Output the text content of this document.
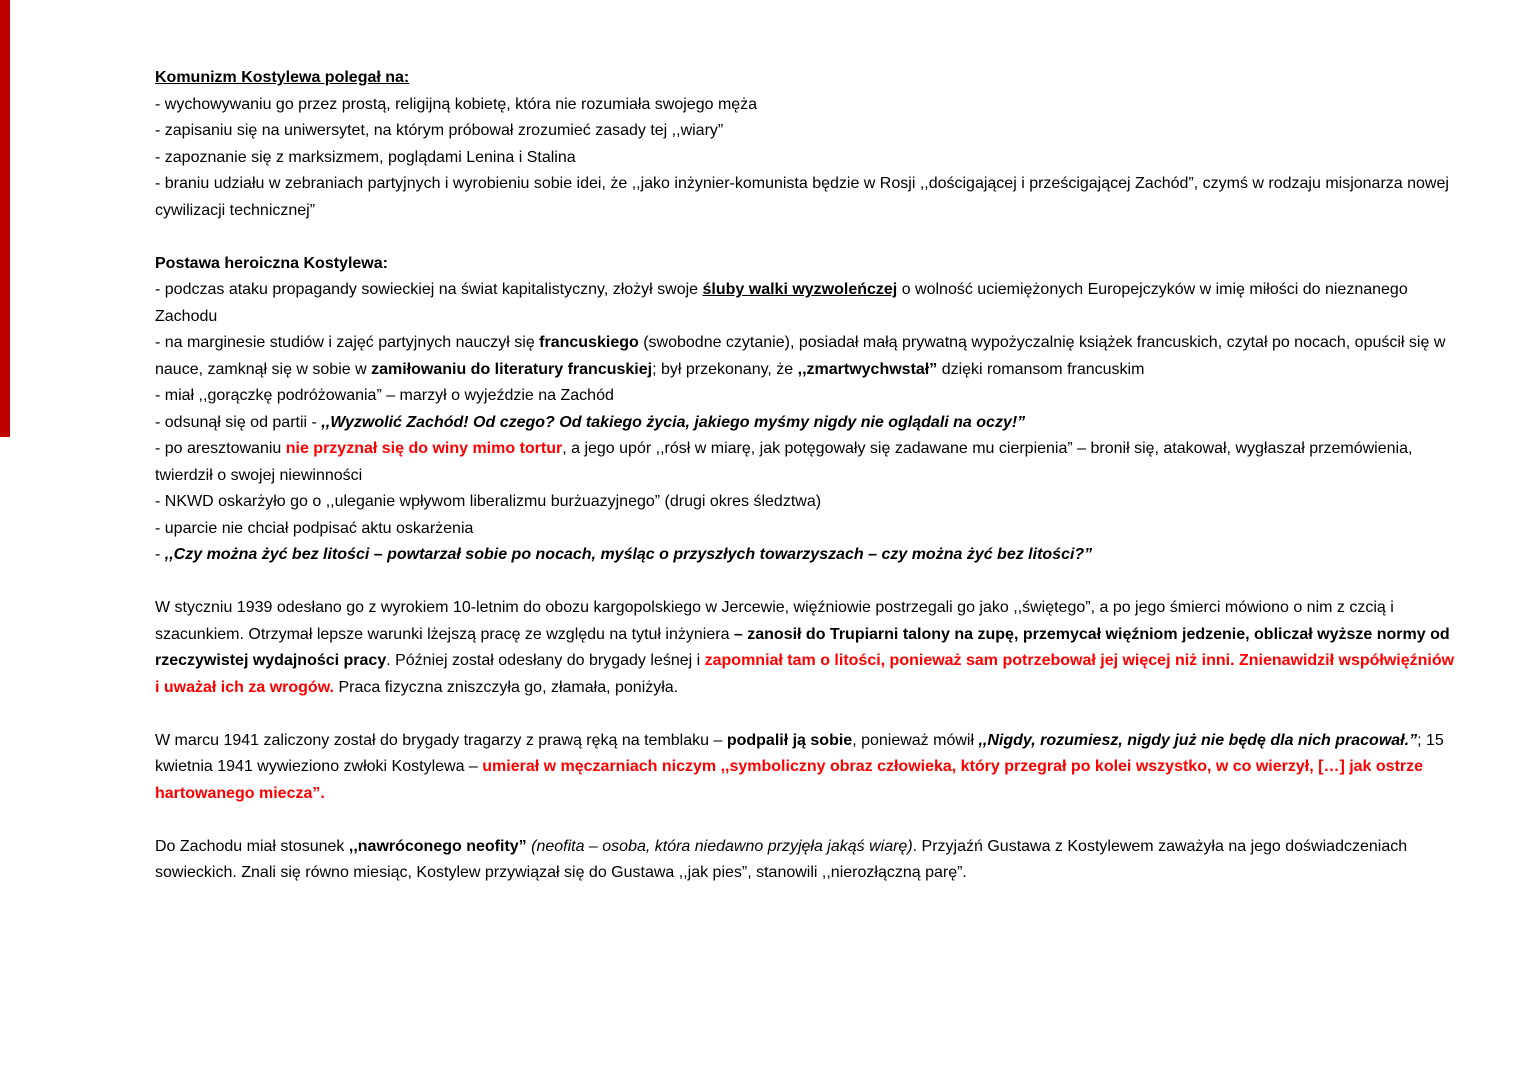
Komunizm Kostylewa polegał na:
- wychowywaniu go przez prostą, religijną kobietę, która nie rozumiała swojego męża
- zapisaniu się na uniwersytet, na którym próbował zrozumieć zasady tej ,,wiary”
- zapoznanie się z marksizmem, poglądami Lenina i Stalina
- braniu udziału w zebraniach partyjnych i wyrobieniu sobie idei, że ,,jako inżynier-komunista będzie w Rosji ,,dościgającej i prześcigającej Zachód”, czymś w rodzaju misjonarza nowej cywilizacji technicznej”
Postawa heroiczna Kostylewa:
- podczas ataku propagandy sowieckiej na świat kapitalistyczny, złożył swoje śluby walki wyzwoleńczej o wolność uciemiężonych Europejczyków w imię miłości do nieznanego Zachodu
- na marginesie studiów i zajęć partyjnych nauczył się francuskiego (swobodne czytanie), posiadał małą prywatną wypożyczalnię książek francuskich, czytał po nocach, opuścił się w nauce, zamknął się w sobie w zamiłowaniu do literatury francuskiej; był przekonany, że ,,zmartwychwstał” dzięki romansom francuskim
- miał ,,gorączkę podróżowania” – marzył o wyjeździe na Zachód
- odsunął się od partii - ,,Wyzwolić Zachód! Od czego? Od takiego życia, jakiego myśmy nigdy nie oglądali na oczy!”
- po aresztowaniu nie przyznał się do winy mimo tortur, a jego upór ,,rósł w miarę, jak potęgowały się zadawane mu cierpienia” – bronił się, atakował, wygłaszał przemówienia, twierdził o swojej niewinności
- NKWD oskarżyło go o ,,uleganie wpływom liberalizmu burżuazyjnego” (drugi okres śledztwa)
- uparcie nie chciał podpisać aktu oskarżenia
- ,,Czy można żyć bez litości – powtarzał sobie po nocach, myśląc o przyszłych towarzyszach – czy można żyć bez litości?”
W styczniu 1939 odesłano go z wyrokiem 10-letnim do obozu kargopolskiego w Jercewie, więźniowie postrzegali go jako ,,świętego”, a po jego śmierci mówiono o nim z czcią i szacunkiem. Otrzymał lepsze warunki lżejszą pracę ze względu na tytuł inżyniera – zanosił do Trupiarni talony na zupę, przemycał więźniom jedzenie, obliczał wyższe normy od rzeczywistej wydajności pracy. Później został odesłany do brygady leśnej i zapomniał tam o litości, ponieważ sam potrzebował jej więcej niż inni. Znienawidził współwięźniów i uważał ich za wrogów. Praca fizyczna zniszczyła go, złamała, poniżyła.
W marcu 1941 zaliczony został do brygady tragarzy z prawą ręką na temblaku – podpalił ją sobie, ponieważ mówił ,,Nigdy, rozumiesz, nigdy już nie będę dla nich pracował.”; 15 kwietnia 1941 wywieziono zwłoki Kostylewa – umierał w męczarniach niczym ,,symboliczny obraz człowieka, który przegrał po kolei wszystko, w co wierzył, […] jak ostrze hartowanego miecza”.
Do Zachodu miał stosunek ,,nawróconego neofity” (neofita – osoba, która niedawno przyjęła jakąś wiarę). Przyjaźń Gustawa z Kostylewem zaważyła na jego doświadczeniach sowieckich. Znali się równo miesiąc, Kostylew przywiązał się do Gustawa ,,jak pies”, stanowili ,,nierozłączną parę”.
